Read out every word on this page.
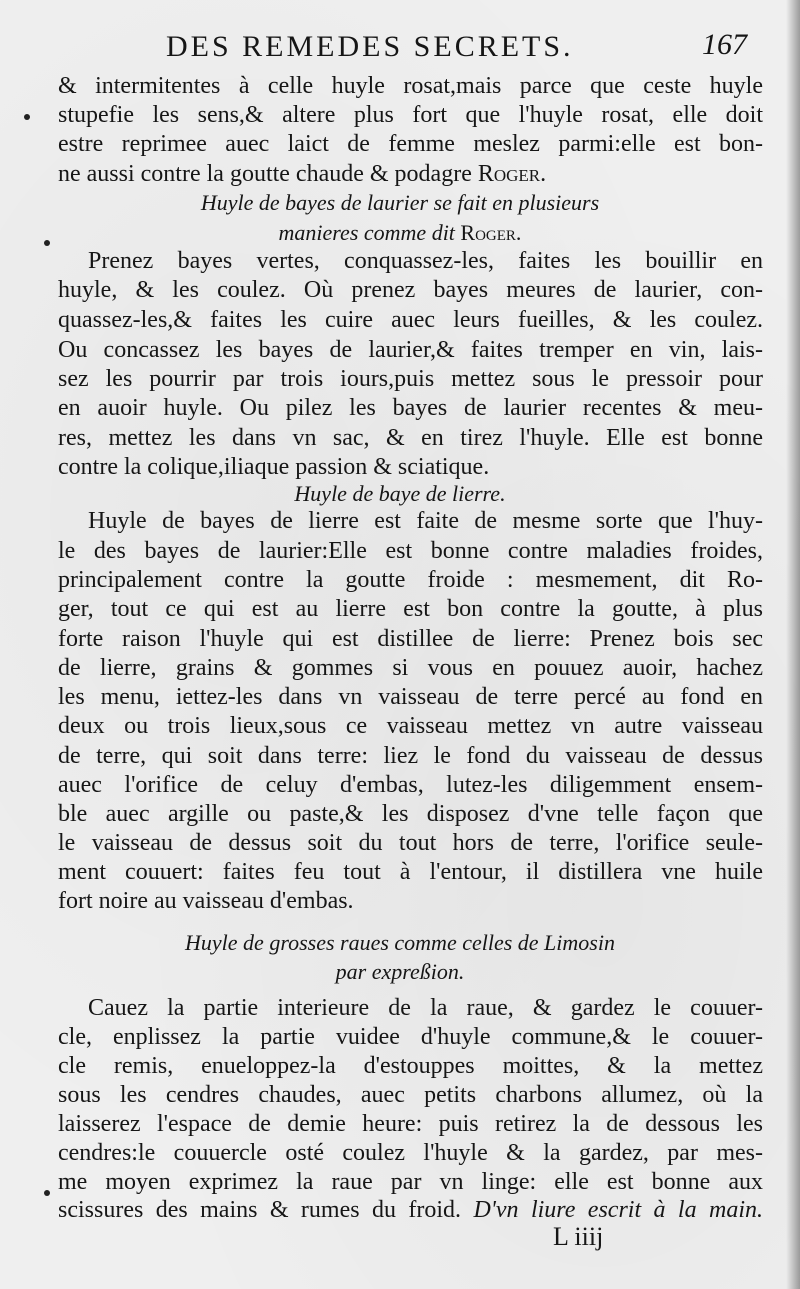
DES REMEDES SECRETS.	167
& intermitentes à celle huyle rosat,mais parce que ceste huyle
stupefie les sens,& altere plus fort que l'huyle rosat, elle doit
estre reprimee auec laict de femme meslez parmi:elle est bon-
ne aussi contre la goutte chaude & podagre Roger.
Huyle de bayes de laurier se fait en plusieurs
manieres comme dit Roger.
Prenez bayes vertes, conquassez-les, faites les bouillir en
huyle, & les coulez. Où prenez bayes meures de laurier, con-
quassez-les,& faites les cuire auec leurs fueilles, & les coulez.
Ou concassez les bayes de laurier,& faites tremper en vin, lais-
sez les pourrir par trois iours,puis mettez sous le pressoir pour
en auoir huyle. Ou pilez les bayes de laurier recentes & meu-
res, mettez les dans vn sac, & en tirez l'huyle. Elle est bonne
contre la colique,iliaque passion & sciatique.
Huyle de baye de lierre.
Huyle de bayes de lierre est faite de mesme sorte que l'huy-
le des bayes de laurier:Elle est bonne contre maladies froides,
principalement contre la goutte froide : mesmement, dit Ro-
ger, tout ce qui est au lierre est bon contre la goutte, à plus
forte raison l'huyle qui est distillee de lierre: Prenez bois sec
de lierre, grains & gommes si vous en pouuez auoir, hachez
les menu, iettez-les dans vn vaisseau de terre percé au fond en
deux ou trois lieux,sous ce vaisseau mettez vn autre vaisseau
de terre, qui soit dans terre: liez le fond du vaisseau de dessus
auec l'orifice de celuy d'embas, lutez-les diligemment ensem-
ble auec argille ou paste,& les disposez d'vne telle façon que
le vaisseau de dessus soit du tout hors de terre, l'orifice seule-
ment couuert: faites feu tout à l'entour, il distillera vne huile
fort noire au vaisseau d'embas.
Huyle de grosses raues comme celles de Limosin
par expreßion.
Cauez la partie interieure de la raue, & gardez le couuer-
cle, enplissez la partie vuidee d'huyle commune,& le couuer-
cle remis, enueloppez-la d'estouppes moittes, & la mettez
sous les cendres chaudes, auec petits charbons allumez, où la
laisserez l'espace de demie heure: puis retirez la de dessous les
cendres:le couuercle osté coulez l'huyle & la gardez, par mes-
me moyen exprimez la raue par vn linge: elle est bonne aux
scissures des mains & rumes du froid. D'vn liure escrit à la main.
L iiij
